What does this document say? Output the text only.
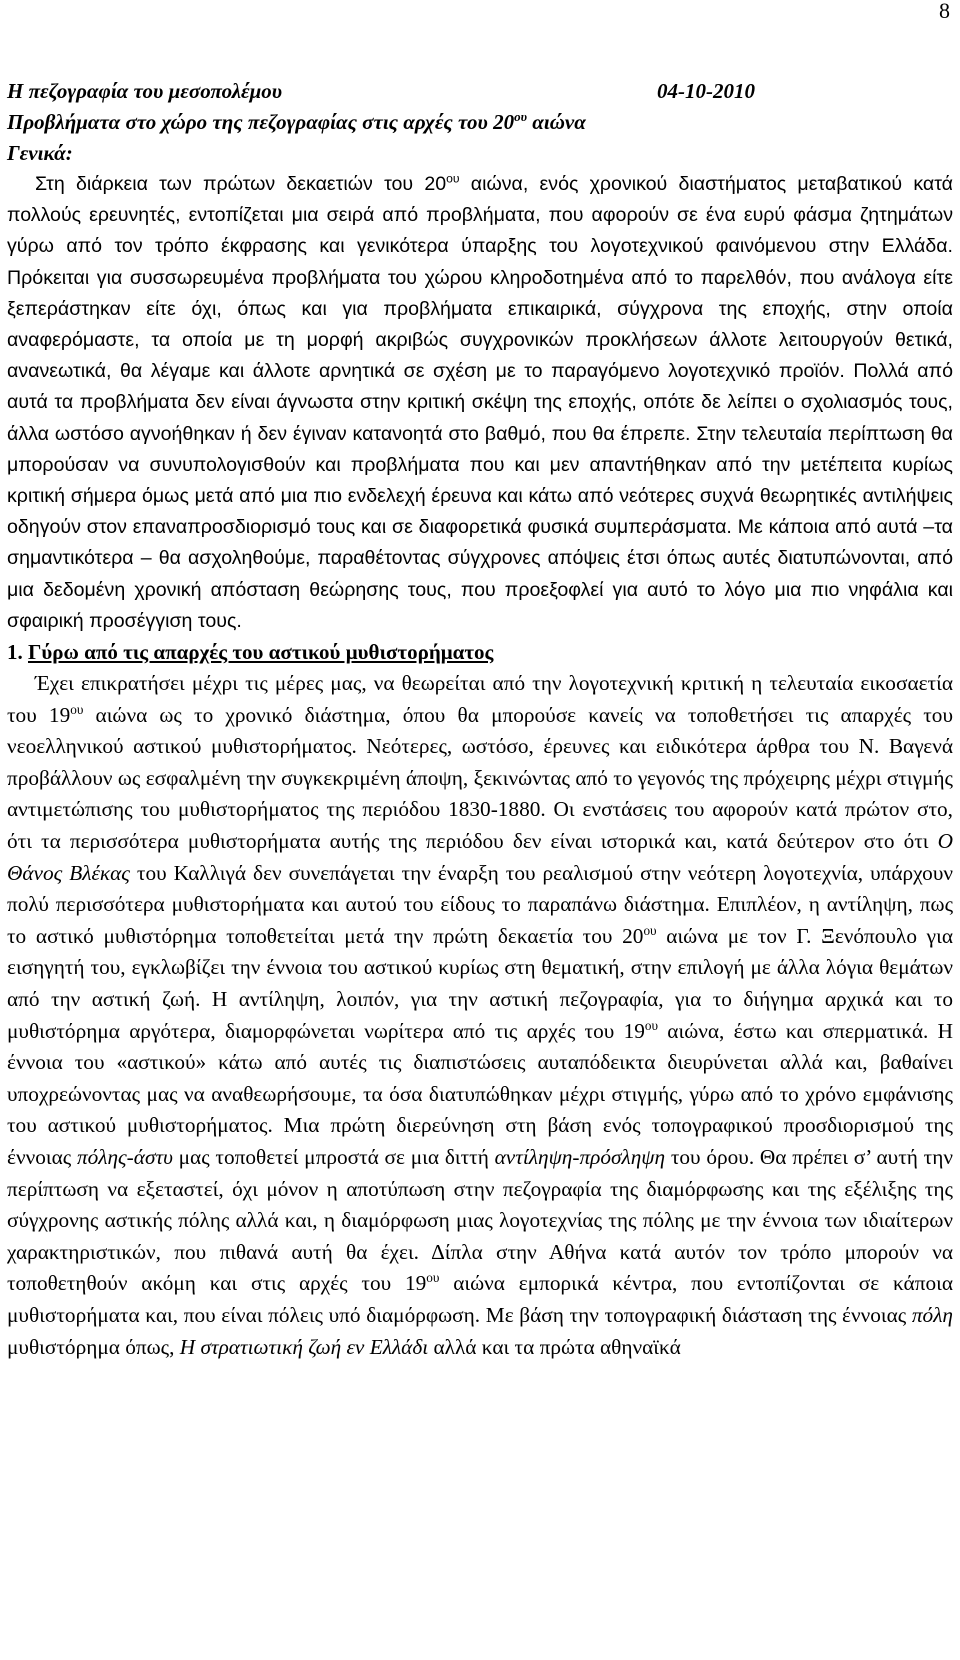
8
Η πεζογραφία του μεσοπολέμου	04-10-2010
Προβλήματα στο χώρο της πεζογραφίας στις αρχές του $20^{o\upsilon}$ αιώνα
Γενικά:

Στη διάρκεια των πρώτων δεκαετιών του $20^{o\upsilon}$ αιώνα, ενός χρονικού διαστήματος μεταβατικού κατά πολλούς ερευνητές, εντοπίζεται μια σειρά από προβλήματα, που αφορούν σε ένα ευρύ φάσμα ζητημάτων γύρω από τον τρόπο έκφρασης και γενικότερα ύπαρξης του λογοτεχνικού φαινόμενου στην Ελλάδα. Πρόκειται για συσσωρευμένα προβλήματα του χώρου κληροδοτημένα από το παρελθόν, που ανάλογα είτε ξεπεράστηκαν είτε όχι, όπως και για προβλήματα επικαιρικά, σύγχρονα της εποχής, στην οποία αναφερόμαστε, τα οποία με τη μορφή ακριβώς συγχρονικών προκλήσεων άλλοτε λειτουργούν θετικά, ανανεωτικά, θα λέγαμε και άλλοτε αρνητικά σε σχέση με το παραγόμενο λογοτεχνικό προϊόν. Πολλά από αυτά τα προβλήματα δεν είναι άγνωστα στην κριτική σκέψη της εποχής, οπότε δε λείπει ο σχολιασμός τους, άλλα ωστόσο αγνοήθηκαν ή δεν έγιναν κατανοητά στο βαθμό, που θα έπρεπε. Στην τελευταία περίπτωση θα μπορούσαν να συνυπολογισθούν και προβλήματα που και μεν απαντήθηκαν από την μετέπειτα κυρίως κριτική σήμερα όμως μετά από μια πιο ενδελεχή έρευνα και κάτω από νεότερες συχνά θεωρητικές αντιλήψεις οδηγούν στον επαναπροσδιορισμό τους και σε διαφορετικά φυσικά συμπεράσματα. Με κάποια από αυτά –τα σημαντικότερα – θα ασχοληθούμε, παραθέτοντας σύγχρονες απόψεις έτσι όπως αυτές διατυπώνονται, από μια δεδομένη χρονική απόσταση θεώρησης τους, που προεξοφλεί για αυτό το λόγο μια πιο νηφάλια και σφαιρική προσέγγιση τους.

1. Γύρω από τις απαρχές του αστικού μυθιστορήματος

Έχει επικρατήσει μέχρι τις μέρες μας, να θεωρείται από την λογοτεχνική κριτική η τελευταία εικοσαετία του $19^{o\upsilon}$ αιώνα ως το χρονικό διάστημα, όπου θα μπορούσε κανείς να τοποθετήσει τις απαρχές του νεοελληνικού αστικού μυθιστορήματος. Νεότερες, ωστόσο, έρευνες και ειδικότερα άρθρα του Ν. Βαγενά προβάλλουν ως εσφαλμένη την συγκεκριμένη άποψη, ξεκινώντας από το γεγονός της πρόχειρης μέχρι στιγμής αντιμετώπισης του μυθιστορήματος της περιόδου 1830-1880. Οι ενστάσεις του αφορούν κατά πρώτον στο, ότι τα περισσότερα μυθιστορήματα αυτής της περιόδου δεν είναι ιστορικά και, κατά δεύτερον στο ότι Ο Θάνος Βλέκας του Καλλιγά δεν συνεπάγεται την έναρξη του ρεαλισμού στην νεότερη λογοτεχνία, υπάρχουν πολύ περισσότερα μυθιστορήματα και αυτού του είδους το παραπάνω διάστημα. Επιπλέον, η αντίληψη, πως το αστικό μυθιστόρημα τοποθετείται μετά την πρώτη δεκαετία του $20^{o\upsilon}$ αιώνα με τον Γ. Ξενόπουλο για εισηγητή του, εγκλωβίζει την έννοια του αστικού κυρίως στη θεματική, στην επιλογή με άλλα λόγια θεμάτων από την αστική ζωή. Η αντίληψη, λοιπόν, για την αστική πεζογραφία, για το διήγημα αρχικά και το μυθιστόρημα αργότερα, διαμορφώνεται νωρίτερα από τις αρχές του $19^{o\upsilon}$ αιώνα, έστω και σπερματικά. Η έννοια του «αστικού» κάτω από αυτές τις διαπιστώσεις αυταπόδεικτα διευρύνεται αλλά και, βαθαίνει υποχρεώνοντας μας να αναθεωρήσουμε, τα όσα διατυπώθηκαν μέχρι στιγμής, γύρω από το χρόνο εμφάνισης του αστικού μυθιστορήματος. Μια πρώτη διερεύνηση στη βάση ενός τοπογραφικού προσδιορισμού της έννοιας πόλης-άστυ μας τοποθετεί μπροστά σε μια διττή αντίληψη-πρόσληψη του όρου. Θα πρέπει σ’ αυτή την περίπτωση να εξεταστεί, όχι μόνον η αποτύπωση στην πεζογραφία της διαμόρφωσης και της εξέλιξης της σύγχρονης αστικής πόλης αλλά και, η διαμόρφωση μιας λογοτεχνίας της πόλης με την έννοια των ιδιαίτερων χαρακτηριστικών, που πιθανά αυτή θα έχει. Δίπλα στην Αθήνα κατά αυτόν τον τρόπο μπορούν να τοποθετηθούν ακόμη και στις αρχές του $19^{o\upsilon}$ αιώνα εμπορικά κέντρα, που εντοπίζονται σε κάποια μυθιστορήματα και, που είναι πόλεις υπό διαμόρφωση. Με βάση την τοπογραφική διάσταση της έννοιας πόλη μυθιστόρημα όπως, Η στρατιωτική ζωή εν Ελλάδι αλλά και τα πρώτα αθηναϊκά
